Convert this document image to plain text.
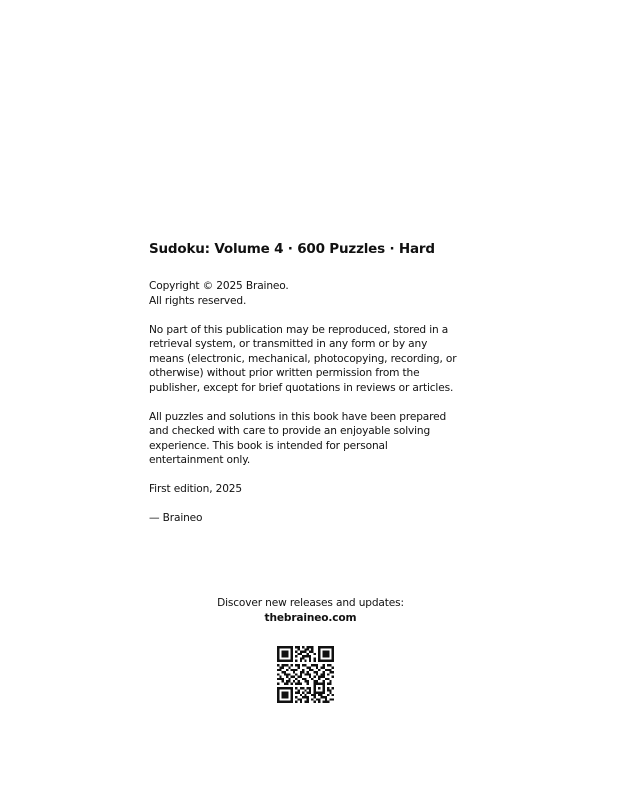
Sudoku: Volume 4 · 600 Puzzles · Hard
Copyright © 2025 Braineo.
All rights reserved.
No part of this publication may be reproduced, stored in a
retrieval system, or transmitted in any form or by any
means (electronic, mechanical, photocopying, recording, or
otherwise) without prior written permission from the
publisher, except for brief quotations in reviews or articles.
All puzzles and solutions in this book have been prepared
and checked with care to provide an enjoyable solving
experience. This book is intended for personal
entertainment only.
First edition, 2025
— Braineo
Discover new releases and updates:
thebraineo.com
